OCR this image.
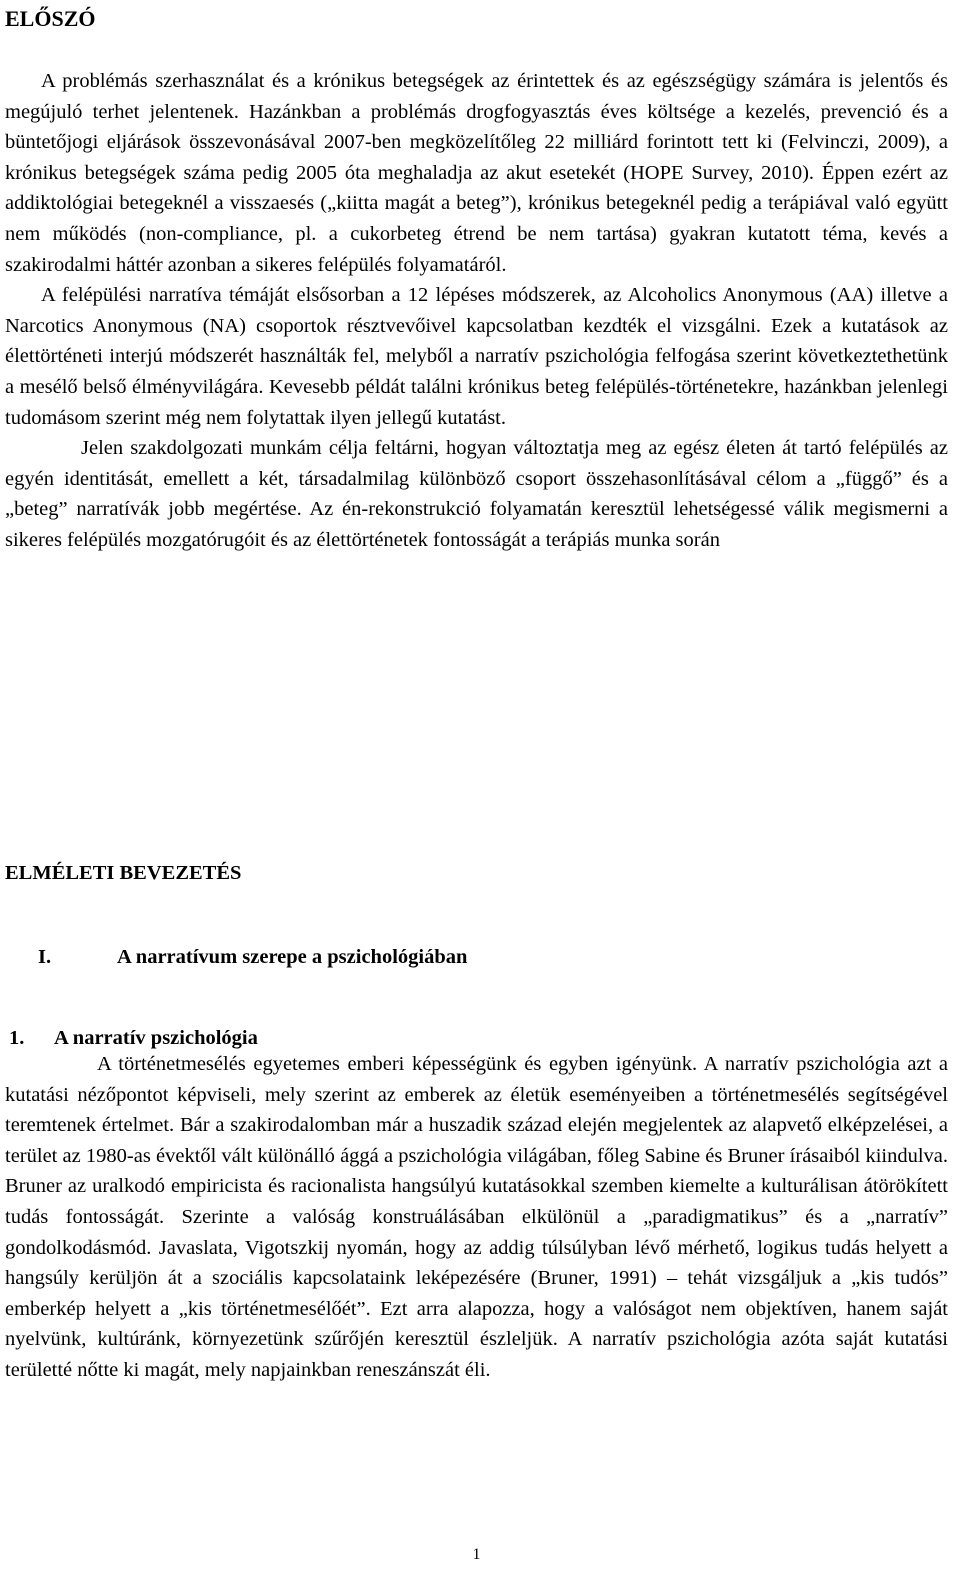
ELŐSZÓ

A problémás szerhasználat és a krónikus betegségek az érintettek és az egészségügy számára is jelentős és megújuló terhet jelentenek. Hazánkban a problémás drogfogyasztás éves költsége a kezelés, prevenció és a büntetőjogi eljárások összevonásával 2007-ben megközelítőleg 22 milliárd forintott tett ki (Felvinczi, 2009), a krónikus betegségek száma pedig 2005 óta meghaladja az akut esetekét (HOPE Survey, 2010). Éppen ezért az addiktológiai betegeknél a visszaesés („kiitta magát a beteg”), krónikus betegeknél pedig a terápiával való együtt nem működés (non-compliance, pl. a cukorbeteg étrend be nem tartása) gyakran kutatott téma, kevés a szakirodalmi háttér azonban a sikeres felépülés folyamatáról.

A felépülési narratíva témáját elsősorban a 12 lépéses módszerek, az Alcoholics Anonymous (AA) illetve a Narcotics Anonymous (NA) csoportok résztvevőivel kapcsolatban kezdték el vizsgálni. Ezek a kutatások az élettörténeti interjú módszerét használták fel, melyből a narratív pszichológia felfogása szerint következtethetünk a mesélő belső élményvilágára. Kevesebb példát találni krónikus beteg felépülés-történetekre, hazánkban jelenlegi tudomásom szerint még nem folytattak ilyen jellegű kutatást.

Jelen szakdolgozati munkám célja feltárni, hogyan változtatja meg az egész életen át tartó felépülés az egyén identitását, emellett a két, társadalmilag különböző csoport összehasonlításával célom a „függő” és a „beteg” narratívák jobb megértése. Az én-rekonstrukció folyamatán keresztül lehetségessé válik megismerni a sikeres felépülés mozgatórugóit és az élettörténetek fontosságát a terápiás munka során

ELMÉLETI BEVEZETÉS
I.	A narratívum szerepe a pszichológiában
1. A narratív pszichológia

A történetmesélés egyetemes emberi képességünk és egyben igényünk. A narratív pszichológia azt a kutatási nézőpontot képviseli, mely szerint az emberek az életük eseményeiben a történetmesélés segítségével teremtenek értelmet. Bár a szakirodalomban már a huszadik század elején megjelentek az alapvető elképzelései, a terület az 1980-as évektől vált különálló ággá a pszichológia világában, főleg Sabine és Bruner írásaiból kiindulva. Bruner az uralkodó empiricista és racionalista hangsúlyú kutatásokkal szemben kiemelte a kulturálisan átörökített tudás fontosságát. Szerinte a valóság konstruálásában elkülönül a „paradigmatikus” és a „narratív” gondolkodásmód. Javaslata, Vigotszkij nyomán, hogy az addig túlsúlyban lévő mérhető, logikus tudás helyett a hangsúly kerüljön át a szociális kapcsolataink leképezésére (Bruner, 1991) – tehát vizsgáljuk a „kis tudós” emberkép helyett a „kis történetmesélőét”. Ezt arra alapozza, hogy a valóságot nem objektíven, hanem saját nyelvünk, kultúránk, környezetünk szűrőjén keresztül észleljük. A narratív pszichológia azóta saját kutatási területté nőtte ki magát, mely napjainkban reneszánszát éli.

1
